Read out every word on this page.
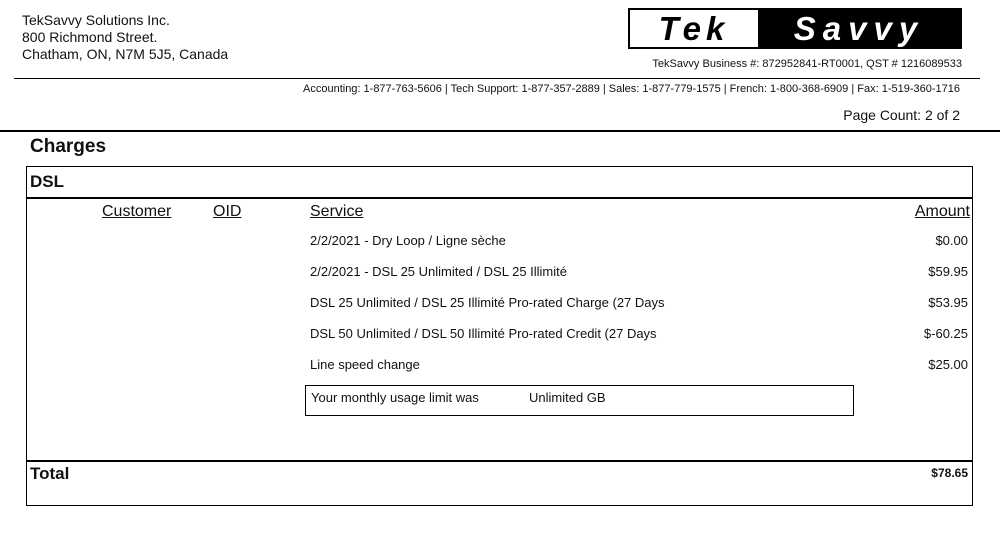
TekSavvy Solutions Inc.
800 Richmond Street.
Chatham, ON, N7M 5J5, Canada
Tek	Savvy
TekSavvy Business #: 872952841-RT0001, QST # 1216089533
Accounting: 1-877-763-5606 | Tech Support: 1-877-357-2889 | Sales: 1-877-779-1575 | French: 1-800-368-6909 | Fax: 1-519-360-1716
Page Count: 2 of 2
Charges
DSL
Customer	OID	Service	Amount
2/2/2021 - Dry Loop / Ligne sèche	$0.00
2/2/2021 - DSL 25 Unlimited / DSL 25 Illimité	$59.95
DSL 25 Unlimited / DSL 25 Illimité Pro-rated Charge (27 Days	$53.95
DSL 50 Unlimited / DSL 50 Illimité Pro-rated Credit (27 Days	$-60.25
Line speed change	$25.00
Your monthly usage limit was	Unlimited GB
Total	$78.65
